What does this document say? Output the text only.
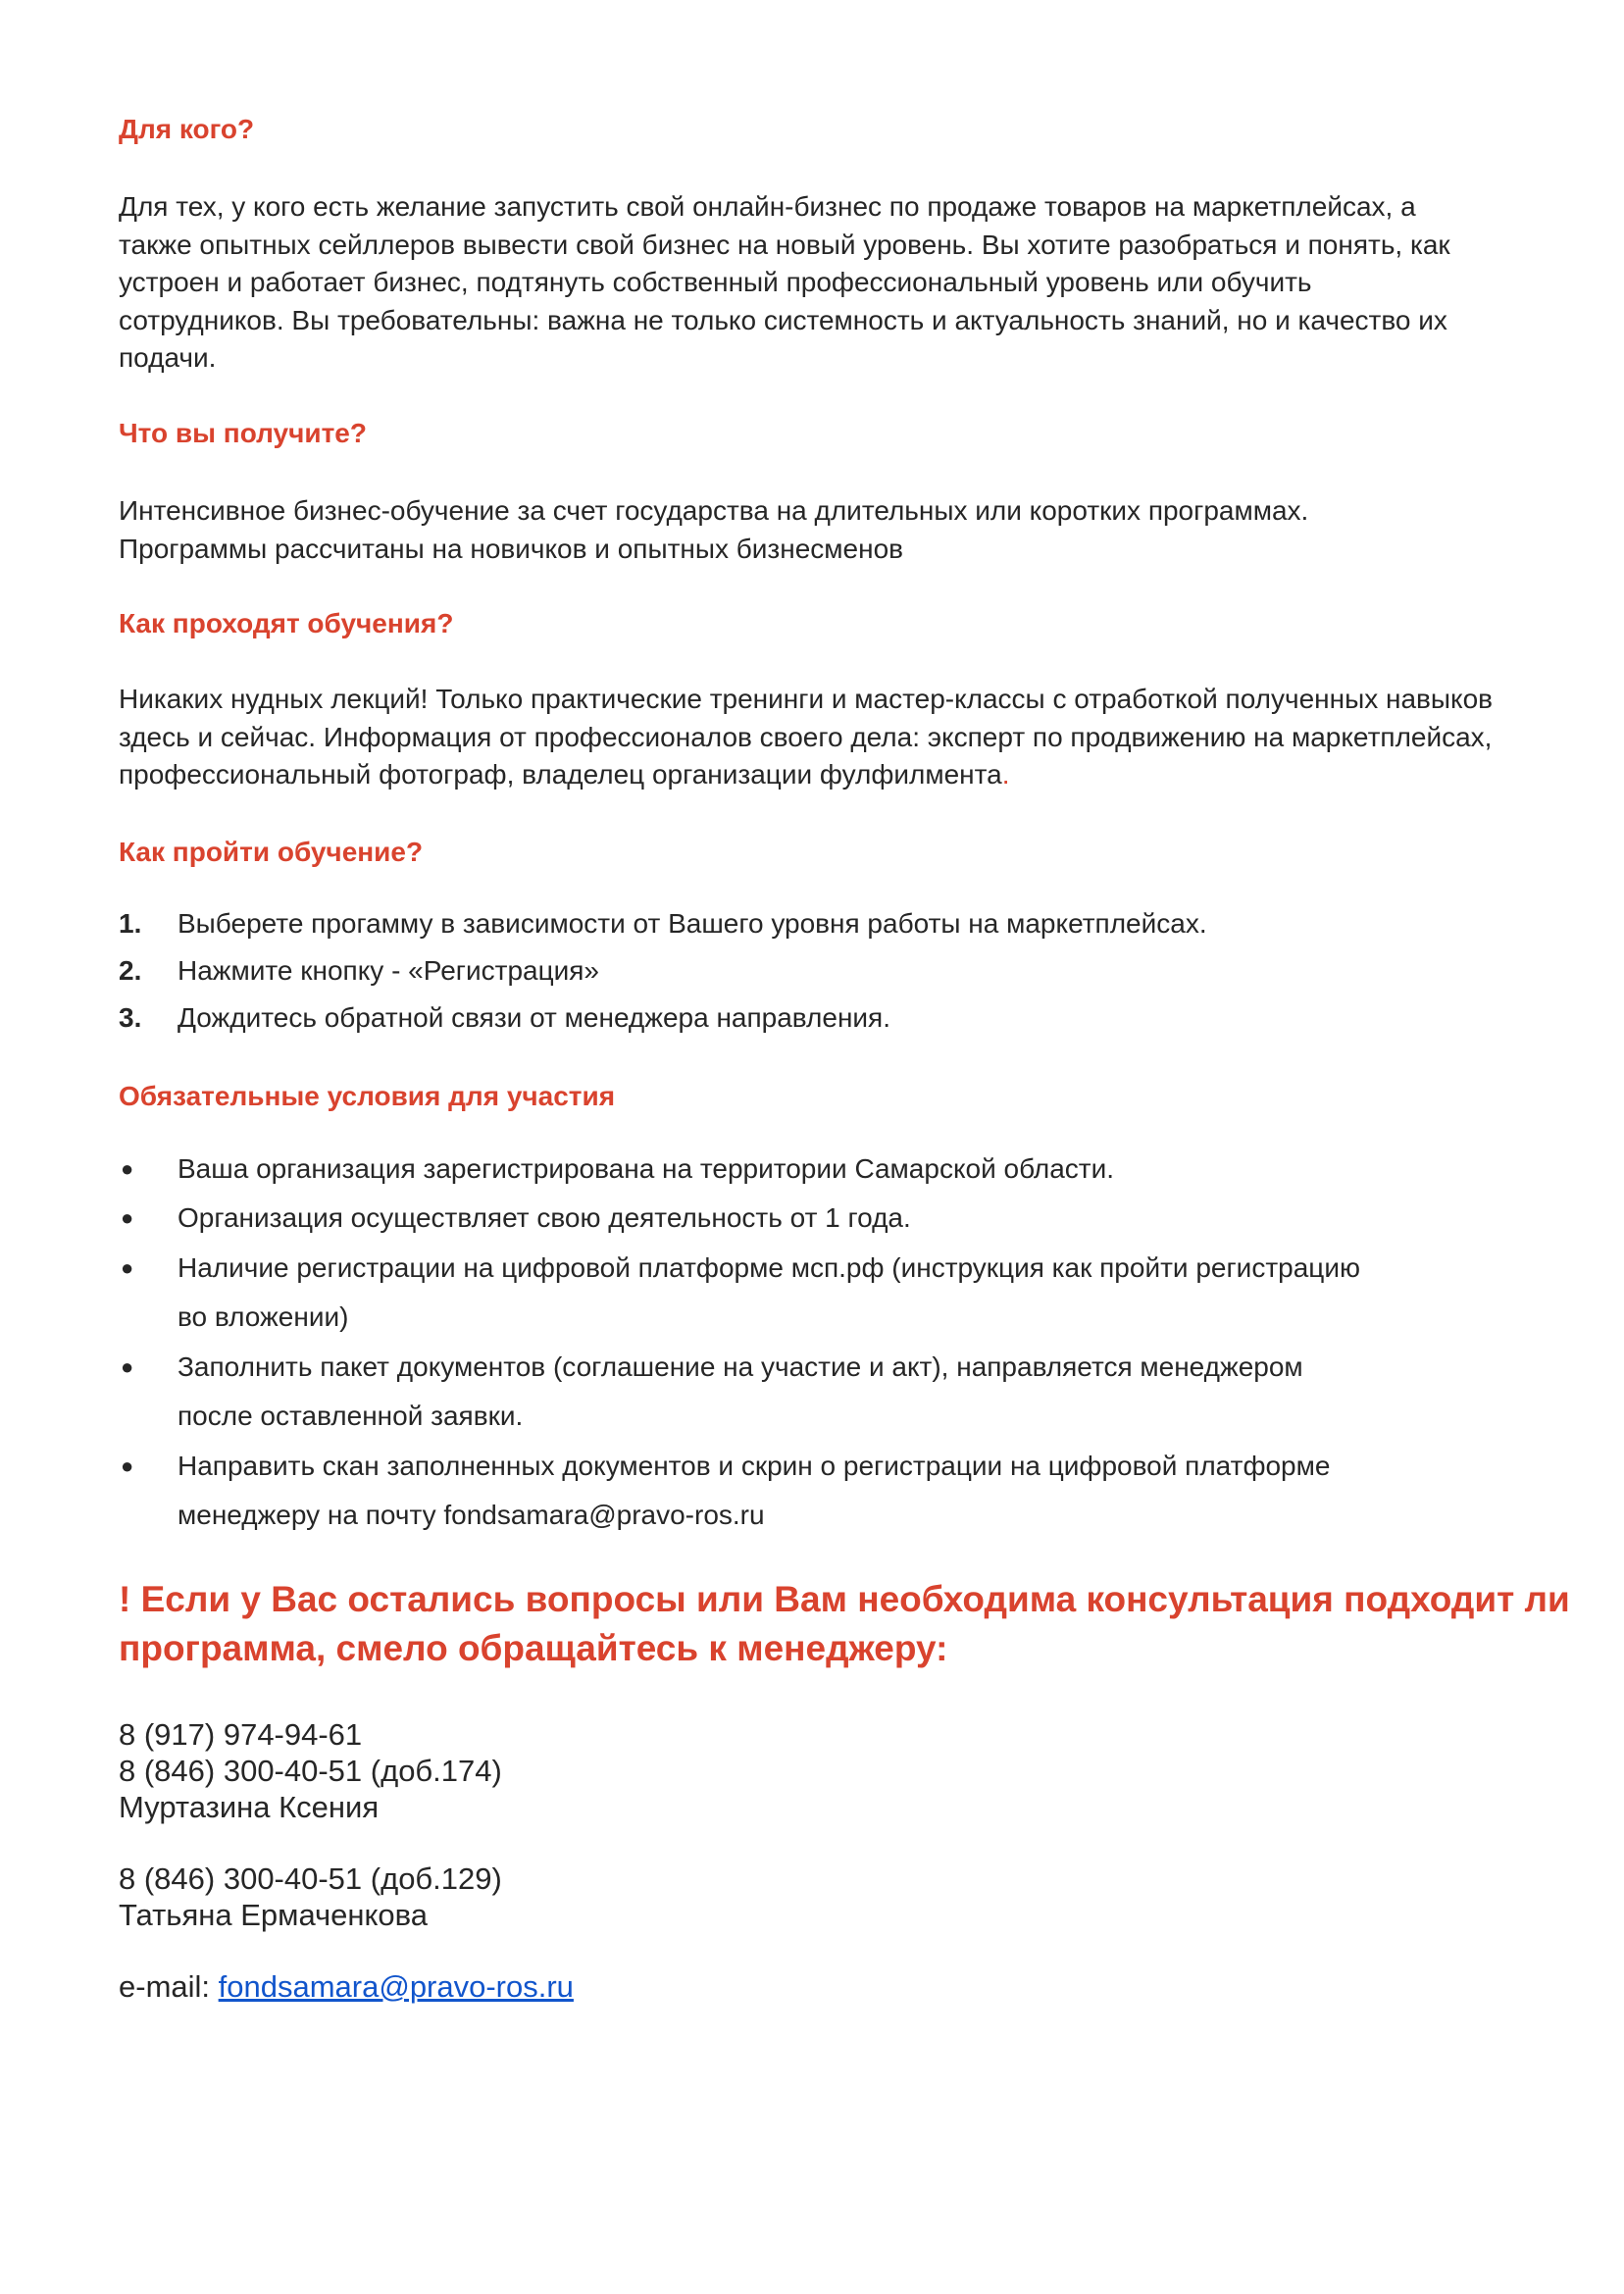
Для кого?

Для тех, у кого есть желание запустить свой онлайн-бизнес по продаже товаров на маркетплейсах, а
также опытных сейллеров вывести свой бизнес на новый уровень. Вы хотите разобраться и понять, как
устроен и работает бизнес, подтянуть собственный профессиональный уровень или обучить
сотрудников. Вы требовательны: важна не только системность и актуальность знаний, но и качество их
подачи.

Что вы получите?

Интенсивное бизнес-обучение за счет государства на длительных или коротких программах.
Программы рассчитаны на новичков и опытных бизнесменов

Как проходят обучения?

Никаких нудных лекций! Только практические тренинги и мастер-классы с отработкой полученных навыков
здесь и сейчас. Информация от профессионалов своего дела: эксперт по продвижению на маркетплейсах,
профессиональный фотограф, владелец организации фулфилмента.

Как пройти обучение?
1.	Выберете прогамму в зависимости от Вашего уровня работы на маркетплейсах.
2.	Нажмите кнопку - «Регистрация»
3.	Дождитесь обратной связи от менеджера направления.
Обязательные условия для участия
● Ваша организация зарегистрирована на территории Самарской области.
● Организация осуществляет свою деятельность от 1 года.
● Наличие регистрации на цифровой платформе мсп.рф (инструкция как пройти регистрацию
во вложении)
● Заполнить пакет документов (соглашение на участие и акт), направляется менеджером
после оставленной заявки.
● Направить скан заполненных документов и скрин о регистрации на цифровой платформе
менеджеру на почту fondsamara@pravo-ros.ru

! Если у Вас остались вопросы или Вам необходима консультация подходит ли
программа, смело обращайтесь к менеджеру:

8 (917) 974-94-61
8 (846) 300-40-51 (доб.174)
Муртазина Ксения

8 (846) 300-40-51 (доб.129)
Татьяна Ермаченкова

e-mail: fondsamara@pravo-ros.ru
